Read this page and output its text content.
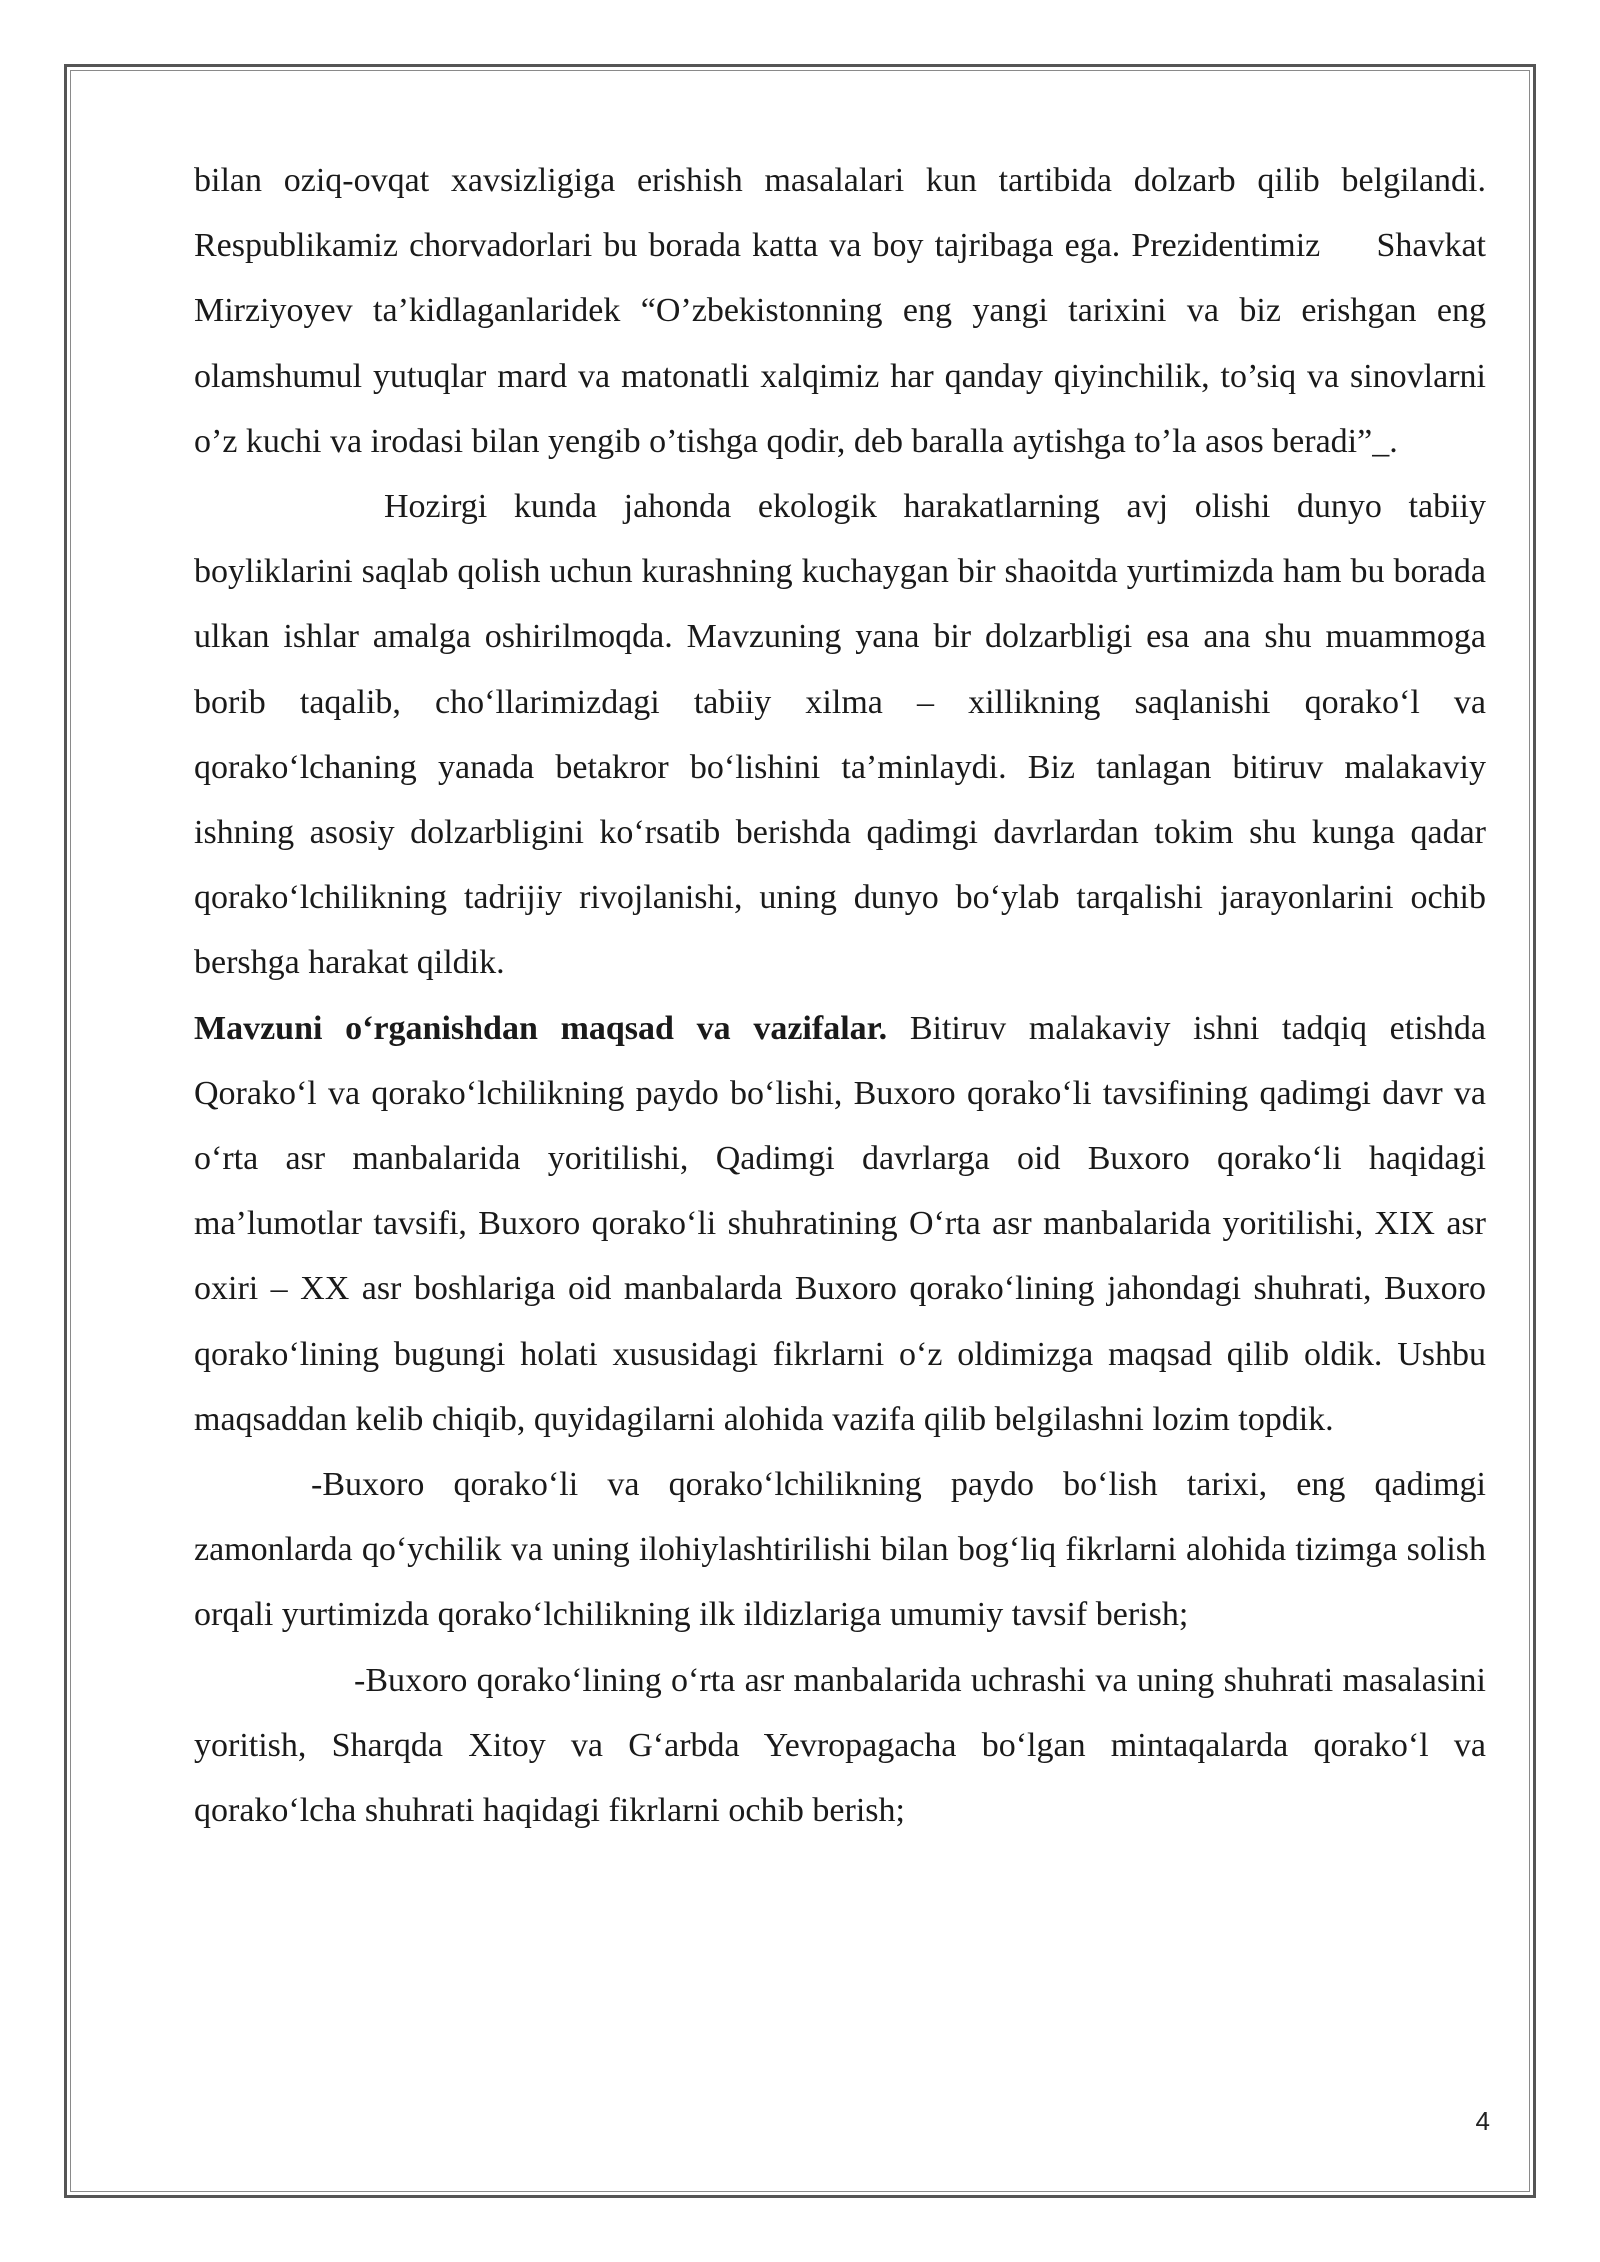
bilan oziq-ovqat xavsizligiga erishish masalalari kun tartibida dolzarb qilib belgilandi. Respublikamiz chorvadorlari bu borada katta va boy tajribaga ega. Prezidentimiz   Shavkat Mirziyoyev ta’kidlaganlaridek “O’zbekistonning eng yangi tarixini va biz erishgan eng olamshumul yutuqlar mard va matonatli xalqimiz har qanday qiyinchilik, to’siq va sinovlarni o’z kuchi va irodasi bilan yengib o’tishga qodir, deb baralla aytishga to’la asos beradi”_.

Hozirgi kunda jahonda ekologik harakatlarning avj olishi dunyo tabiiy boyliklarini saqlab qolish uchun kurashning kuchaygan bir shaoitda yurtimizda ham bu borada ulkan ishlar amalga oshirilmoqda. Mavzuning yana bir dolzarbligi esa ana shu muammoga borib taqalib, cho‘llarimizdagi tabiiy xilma – xillikning saqlanishi qorako‘l va qorako‘lchaning yanada betakror bo‘lishini ta’minlaydi. Biz tanlagan bitiruv malakaviy ishning asosiy dolzarbligini ko‘rsatib berishda qadimgi davrlardan tokim shu kunga qadar qorako‘lchilikning tadrijiy rivojlanishi, uning dunyo bo‘ylab tarqalishi jarayonlarini ochib bershga harakat qildik.

Mavzuni o‘rganishdan maqsad va vazifalar. Bitiruv malakaviy ishni tadqiq etishda Qorako‘l va qorako‘lchilikning paydo bo‘lishi, Buxoro qorako‘li tavsifining qadimgi davr va o‘rta asr manbalarida yoritilishi, Qadimgi davrlarga oid Buxoro qorako‘li haqidagi ma’lumotlar tavsifi, Buxoro qorako‘li shuhratining O‘rta asr manbalarida yoritilishi, XIX asr oxiri – XX asr boshlariga oid manbalarda Buxoro qorako‘lining jahondagi shuhrati, Buxoro qorako‘lining bugungi holati xususidagi fikrlarni o‘z oldimizga maqsad qilib oldik. Ushbu maqsaddan kelib chiqib, quyidagilarni alohida vazifa qilib belgilashni lozim topdik.

-Buxoro qorako‘li va qorako‘lchilikning paydo bo‘lish tarixi, eng qadimgi zamonlarda qo‘ychilik va uning ilohiylashtirilishi bilan bog‘liq fikrlarni alohida tizimga solish orqali yurtimizda qorako‘lchilikning ilk ildizlariga umumiy tavsif berish;

-Buxoro qorako‘lining o‘rta asr manbalarida uchrashi va uning shuhrati masalasini yoritish, Sharqda Xitoy va G‘arbda Yevropagacha bo‘lgan mintaqalarda qorako‘l va qorako‘lcha shuhrati haqidagi fikrlarni ochib berish;

4
